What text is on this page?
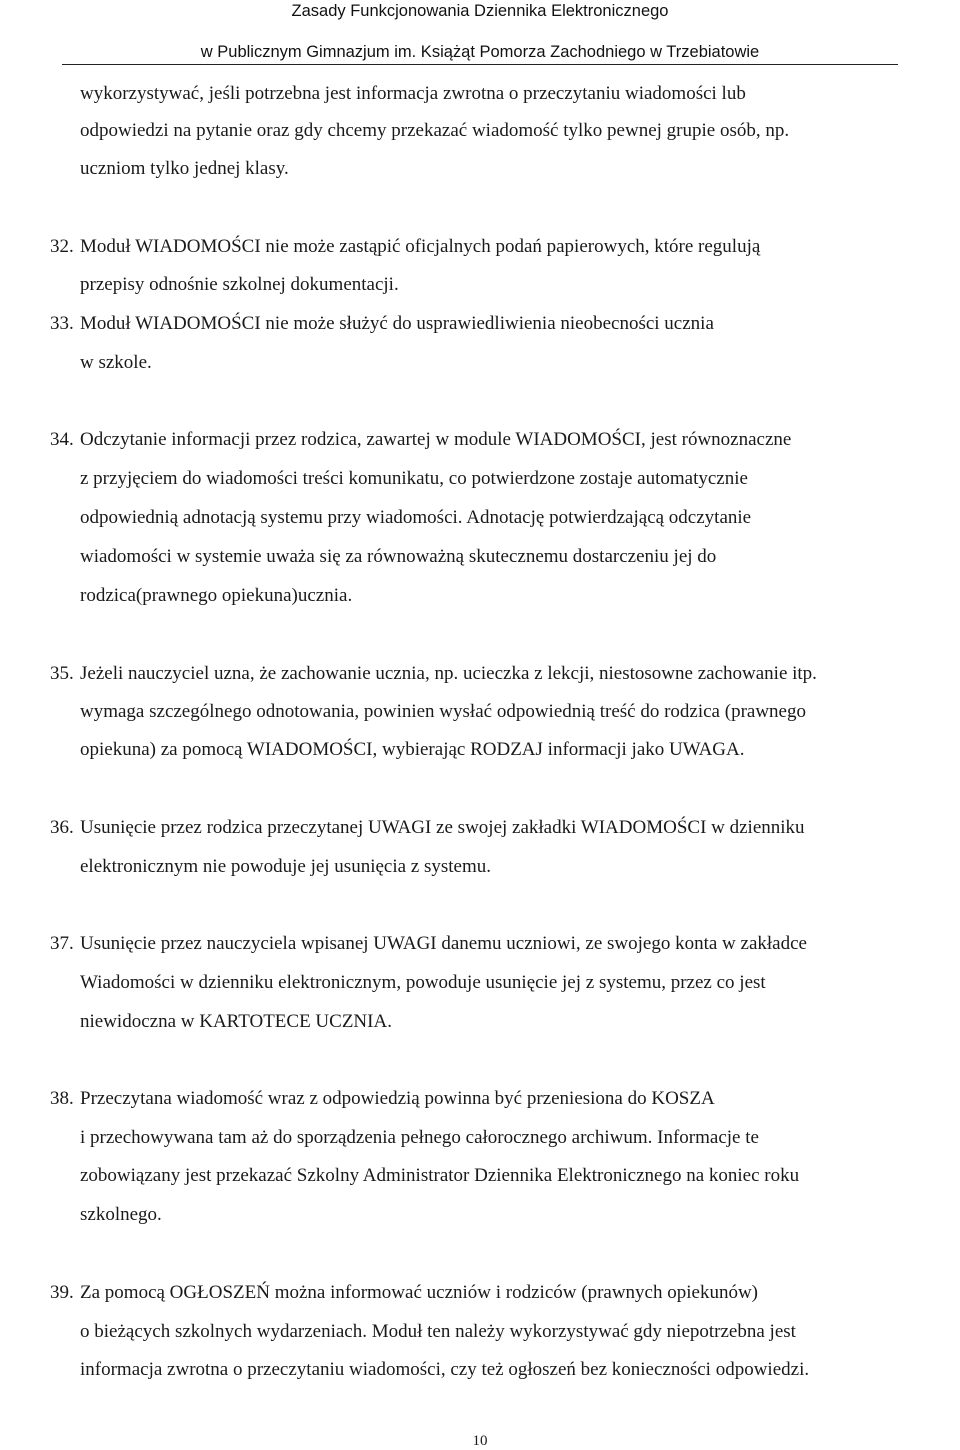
Zasady Funkcjonowania Dziennika Elektronicznego
w Publicznym Gimnazjum im. Książąt Pomorza Zachodniego w Trzebiatowie
wykorzystywać, jeśli potrzebna jest informacja zwrotna o przeczytaniu wiadomości lub
odpowiedzi na pytanie oraz gdy chcemy przekazać wiadomość tylko pewnej grupie osób, np.
uczniom tylko jednej klasy.
32. Moduł WIADOMOŚCI nie może zastąpić oficjalnych podań papierowych, które regulują
przepisy odnośnie szkolnej dokumentacji.
33. Moduł WIADOMOŚCI nie może służyć do usprawiedliwienia nieobecności ucznia
w szkole.
34. Odczytanie informacji przez rodzica, zawartej w module WIADOMOŚCI, jest równoznaczne
z przyjęciem do wiadomości treści komunikatu, co potwierdzone zostaje automatycznie
odpowiednią adnotacją systemu przy wiadomości. Adnotację potwierdzającą odczytanie
wiadomości w systemie uważa się za równoważną skutecznemu dostarczeniu jej do
rodzica(prawnego opiekuna)ucznia.
35. Jeżeli nauczyciel uzna, że zachowanie ucznia, np. ucieczka z lekcji, niestosowne zachowanie itp.
wymaga szczególnego odnotowania, powinien wysłać odpowiednią treść do rodzica (prawnego
opiekuna) za pomocą WIADOMOŚCI, wybierając RODZAJ informacji jako UWAGA.
36. Usunięcie przez rodzica przeczytanej UWAGI ze swojej zakładki WIADOMOŚCI w dzienniku
elektronicznym nie powoduje jej usunięcia z systemu.
37. Usunięcie przez nauczyciela wpisanej UWAGI danemu uczniowi, ze swojego konta w zakładce
Wiadomości w dzienniku elektronicznym, powoduje usunięcie jej z systemu, przez co jest
niewidoczna w KARTOTECE UCZNIA.
38. Przeczytana wiadomość wraz z odpowiedzią powinna być przeniesiona do KOSZA
i przechowywana tam aż do sporządzenia pełnego całorocznego archiwum. Informacje te
zobowiązany jest przekazać Szkolny Administrator Dziennika Elektronicznego na koniec roku
szkolnego.
39. Za pomocą OGŁOSZEŃ można informować uczniów i rodziców (prawnych opiekunów)
o bieżących szkolnych wydarzeniach. Moduł ten należy wykorzystywać gdy niepotrzebna jest
informacja zwrotna o przeczytaniu wiadomości, czy też ogłoszeń bez konieczności odpowiedzi.
10
